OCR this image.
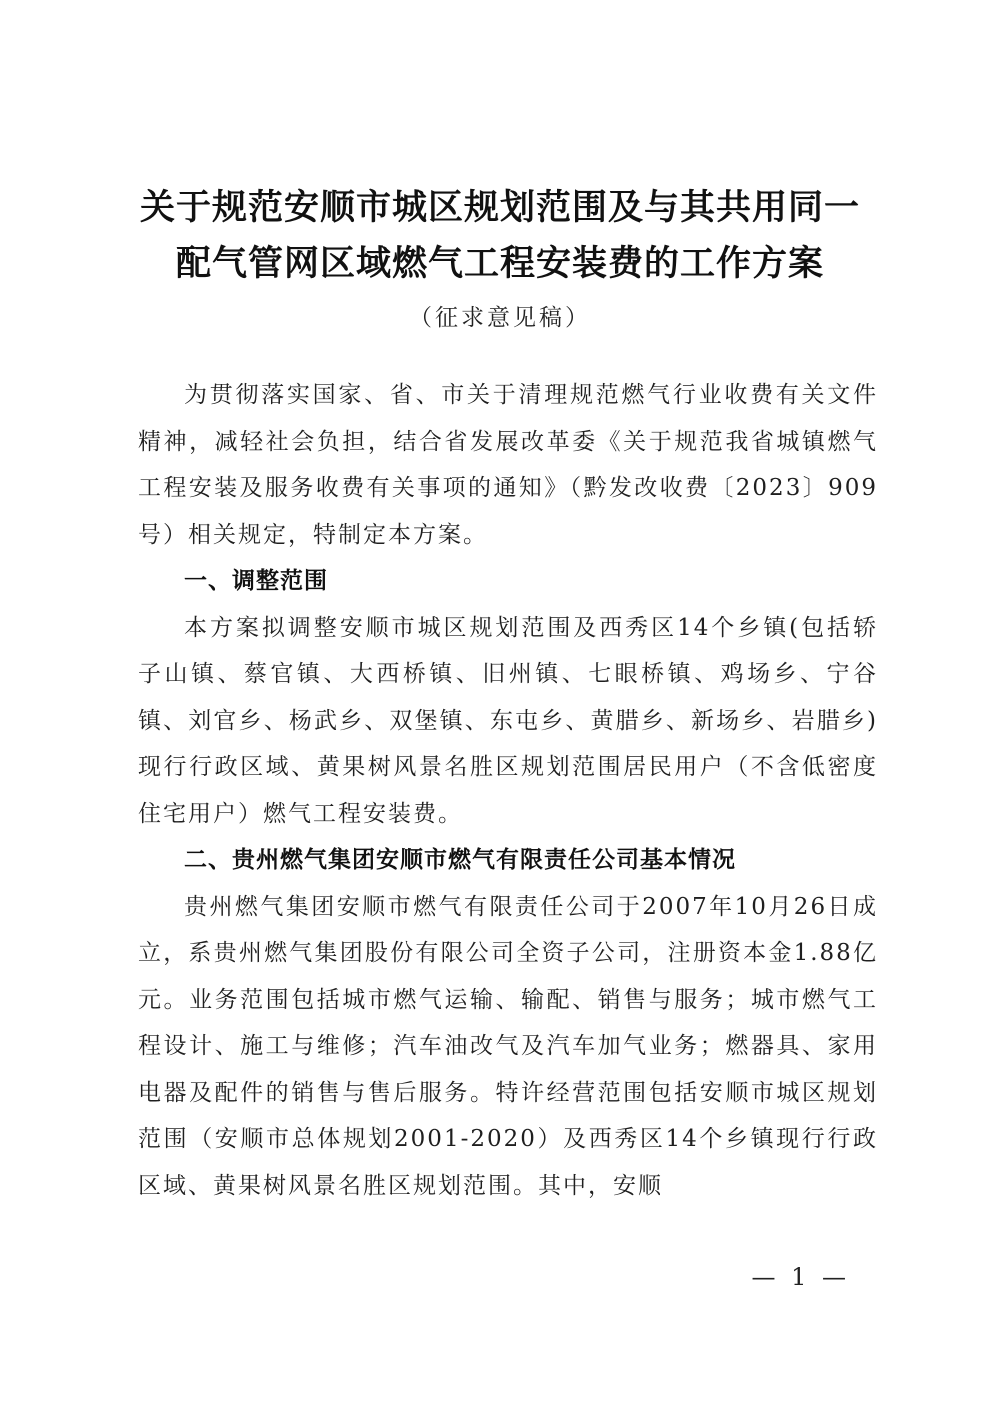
关于规范安顺市城区规划范围及与其共用同一
配气管网区域燃气工程安装费的工作方案
（征求意见稿）

为贯彻落实国家、省、市关于清理规范燃气行业收费有关文件精神，减轻社会负担，结合省发展改革委《关于规范我省城镇燃气工程安装及服务收费有关事项的通知》（黔发改收费〔2023〕909号）相关规定，特制定本方案。

一、调整范围

本方案拟调整安顺市城区规划范围及西秀区14个乡镇(包括轿子山镇、蔡官镇、大西桥镇、旧州镇、七眼桥镇、鸡场乡、宁谷镇、刘官乡、杨武乡、双堡镇、东屯乡、黄腊乡、新场乡、岩腊乡)现行行政区域、黄果树风景名胜区规划范围居民用户（不含低密度住宅用户）燃气工程安装费。

二、贵州燃气集团安顺市燃气有限责任公司基本情况

贵州燃气集团安顺市燃气有限责任公司于2007年10月26日成立，系贵州燃气集团股份有限公司全资子公司，注册资本金1.88亿元。业务范围包括城市燃气运输、输配、销售与服务；城市燃气工程设计、施工与维修；汽车油改气及汽车加气业务；燃器具、家用电器及配件的销售与售后服务。特许经营范围包括安顺市城区规划范围（安顺市总体规划2001-2020）及西秀区14个乡镇现行行政区域、黄果树风景名胜区规划范围。其中，安顺

— 1 —
